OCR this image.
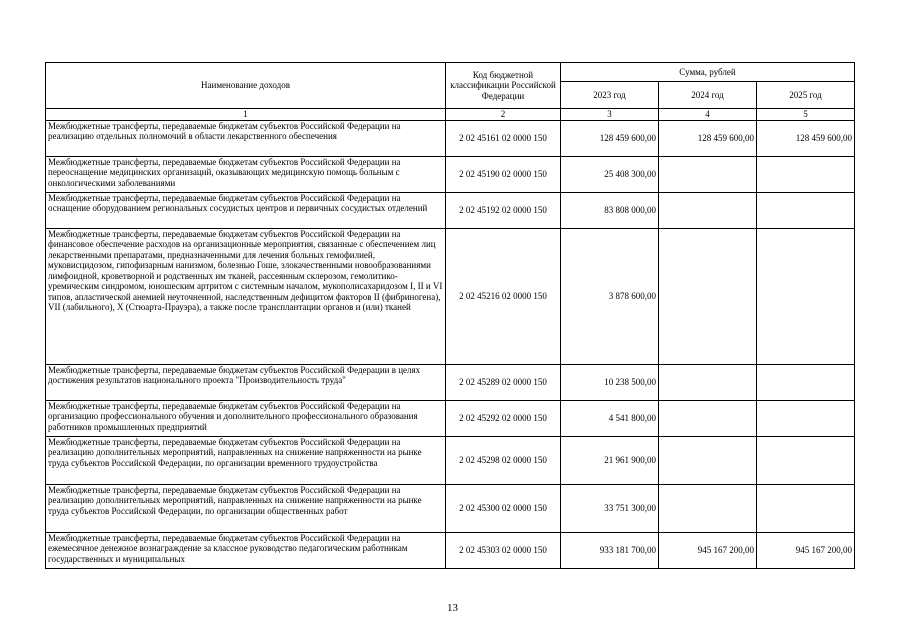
Наименование доходов	Код бюджетной классификации Российской Федерации	Сумма, рублей		
		2023 год	2024 год	2025 год
1	2	3	4	5
Межбюджетные трансферты, передаваемые бюджетам субъектов Российской Федерации на реализацию отдельных полномочий в области лекарственного обеспечения	2 02 45161 02 0000 150	128 459 600,00	128 459 600,00	128 459 600,00
Межбюджетные трансферты, передаваемые бюджетам субъектов Российской Федерации на переоснащение медицинских организаций, оказывающих медицинскую помощь больным с онкологическими заболеваниями	2 02 45190 02 0000 150	25 408 300,00		
Межбюджетные трансферты, передаваемые бюджетам субъектов Российской Федерации на оснащение оборудованием региональных сосудистых центров и первичных сосудистых отделений	2 02 45192 02 0000 150	83 808 000,00		
Межбюджетные трансферты, передаваемые бюджетам субъектов Российской Федерации на финансовое обеспечение расходов на организационные мероприятия, связанные с обеспечением лиц лекарственными препаратами, предназначенными для лечения больных гемофилией, муковисцидозом, гипофизарным нанизмом, болезнью Гоше, злокачественными новообразованиями лимфоидной, кроветворной и родственных им тканей, рассеянным склерозом, гемолитико-уремическим синдромом, юношеским артритом с системным началом, мукополисахаридозом I, II и VI типов, апластической анемией неуточненной, наследственным дефицитом факторов II (фибриногена), VII (лабильного), X (Стюарта-Прауэра), а также после трансплантации органов и (или) тканей	2 02 45216 02 0000 150	3 878 600,00		
Межбюджетные трансферты, передаваемые бюджетам субъектов Российской Федерации в целях достижения результатов национального проекта "Производительность труда"	2 02 45289 02 0000 150	10 238 500,00		
Межбюджетные трансферты, передаваемые бюджетам субъектов Российской Федерации на организацию профессионального обучения и дополнительного профессионального образования работников промышленных предприятий	2 02 45292 02 0000 150	4 541 800,00		
Межбюджетные трансферты, передаваемые бюджетам субъектов Российской Федерации на реализацию дополнительных мероприятий, направленных на снижение напряженности на рынке труда субъектов Российской Федерации, по организации временного трудоустройства	2 02 45298 02 0000 150	21 961 900,00		
Межбюджетные трансферты, передаваемые бюджетам субъектов Российской Федерации на реализацию дополнительных мероприятий, направленных на снижение напряженности на рынке труда субъектов Российской Федерации, по организации общественных работ	2 02 45300 02 0000 150	33 751 300,00		
Межбюджетные трансферты, передаваемые бюджетам субъектов Российской Федерации на ежемесячное денежное вознаграждение за классное руководство педагогическим работникам государственных и муниципальных	2 02 45303 02 0000 150	933 181 700,00	945 167 200,00	945 167 200,00
13
